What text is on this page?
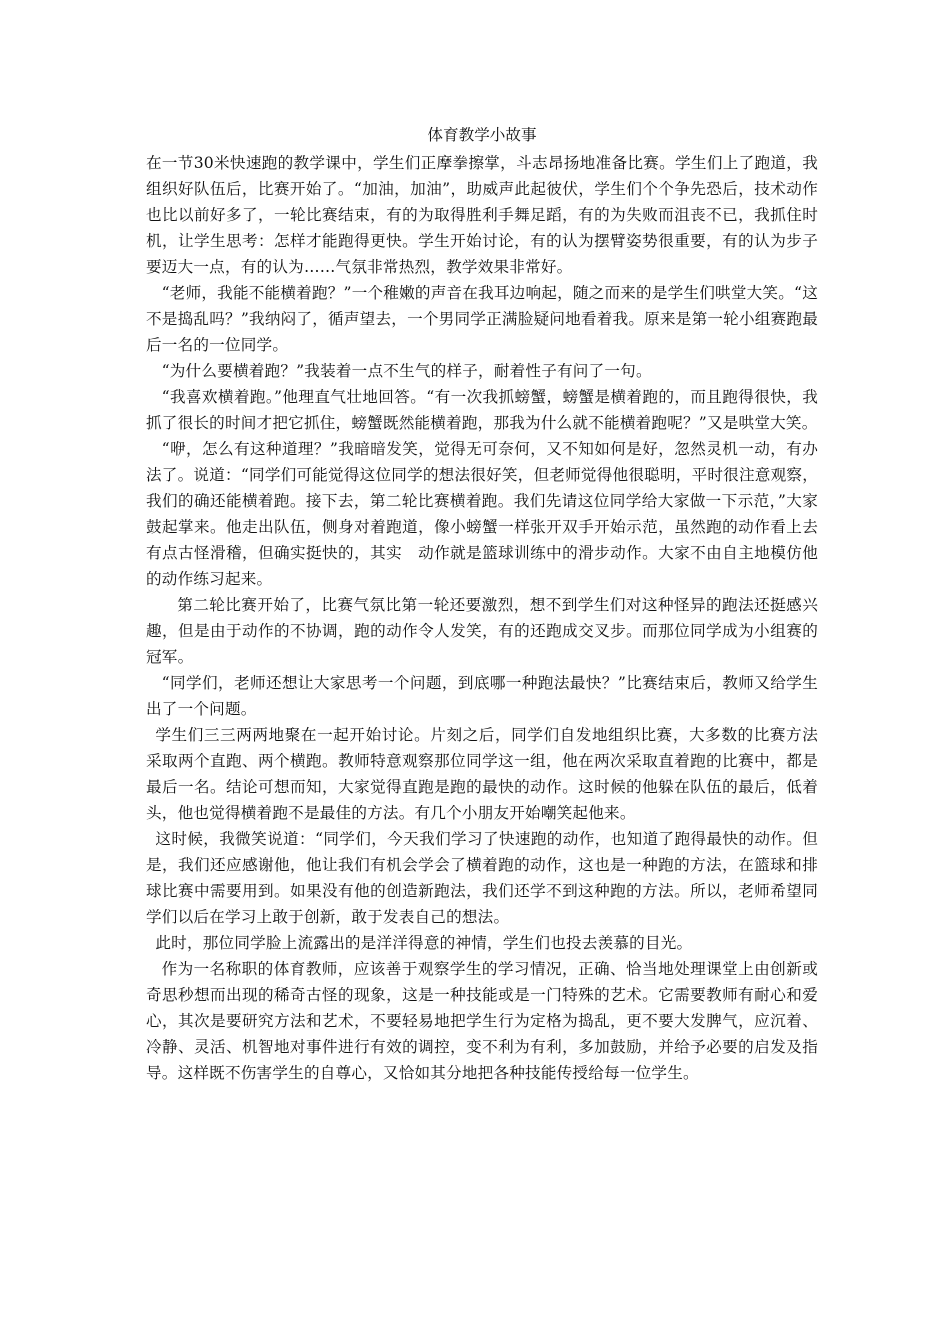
体育教学小故事

在一节30米快速跑的教学课中，学生们正摩拳擦掌，斗志昂扬地准备比赛。学生们上了跑道，我组织好队伍后，比赛开始了。“加油，加油”，助威声此起彼伏，学生们个个争先恐后，技术动作也比以前好多了，一轮比赛结束，有的为取得胜利手舞足蹈，有的为失败而沮丧不已，我抓住时机，让学生思考：怎样才能跑得更快。学生开始讨论，有的认为摆臂姿势很重要，有的认为步子要迈大一点，有的认为……气氛非常热烈，教学效果非常好。

“老师，我能不能横着跑？”一个稚嫩的声音在我耳边响起，随之而来的是学生们哄堂大笑。“这不是捣乱吗？”我纳闷了，循声望去，一个男同学正满脸疑问地看着我。原来是第一轮小组赛跑最后一名的一位同学。

“为什么要横着跑？”我装着一点不生气的样子，耐着性子有问了一句。

“我喜欢横着跑。”他理直气壮地回答。“有一次我抓螃蟹，螃蟹是横着跑的，而且跑得很快，我抓了很长的时间才把它抓住，螃蟹既然能横着跑，那我为什么就不能横着跑呢？”又是哄堂大笑。

“咿，怎么有这种道理？”我暗暗发笑，觉得无可奈何，又不知如何是好，忽然灵机一动，有办法了。说道：“同学们可能觉得这位同学的想法很好笑，但老师觉得他很聪明，平时很注意观察，我们的确还能横着跑。接下去，第二轮比赛横着跑。我们先请这位同学给大家做一下示范，”大家鼓起掌来。他走出队伍，侧身对着跑道，像小螃蟹一样张开双手开始示范，虽然跑的动作看上去有点古怪滑稽，但确实挺快的，其实　动作就是篮球训练中的滑步动作。大家不由自主地模仿他的动作练习起来。

第二轮比赛开始了，比赛气氛比第一轮还要激烈，想不到学生们对这种怪异的跑法还挺感兴趣，但是由于动作的不协调，跑的动作令人发笑，有的还跑成交叉步。而那位同学成为小组赛的冠军。

“同学们，老师还想让大家思考一个问题，到底哪一种跑法最快？”比赛结束后，教师又给学生出了一个问题。

学生们三三两两地聚在一起开始讨论。片刻之后，同学们自发地组织比赛，大多数的比赛方法采取两个直跑、两个横跑。教师特意观察那位同学这一组，他在两次采取直着跑的比赛中，都是最后一名。结论可想而知，大家觉得直跑是跑的最快的动作。这时候的他躲在队伍的最后，低着头，他也觉得横着跑不是最佳的方法。有几个小朋友开始嘲笑起他来。

这时候，我微笑说道：“同学们，今天我们学习了快速跑的动作，也知道了跑得最快的动作。但是，我们还应感谢他，他让我们有机会学会了横着跑的动作，这也是一种跑的方法，在篮球和排球比赛中需要用到。如果没有他的创造新跑法，我们还学不到这种跑的方法。所以，老师希望同学们以后在学习上敢于创新，敢于发表自己的想法。

此时，那位同学脸上流露出的是洋洋得意的神情，学生们也投去羡慕的目光。

作为一名称职的体育教师，应该善于观察学生的学习情况，正确、恰当地处理课堂上由创新或奇思秒想而出现的稀奇古怪的现象，这是一种技能或是一门特殊的艺术。它需要教师有耐心和爱心，其次是要研究方法和艺术，不要轻易地把学生行为定格为捣乱，更不要大发脾气，应沉着、冷静、灵活、机智地对事件进行有效的调控，变不利为有利，多加鼓励，并给予必要的启发及指导。这样既不伤害学生的自尊心，又恰如其分地把各种技能传授给每一位学生。
